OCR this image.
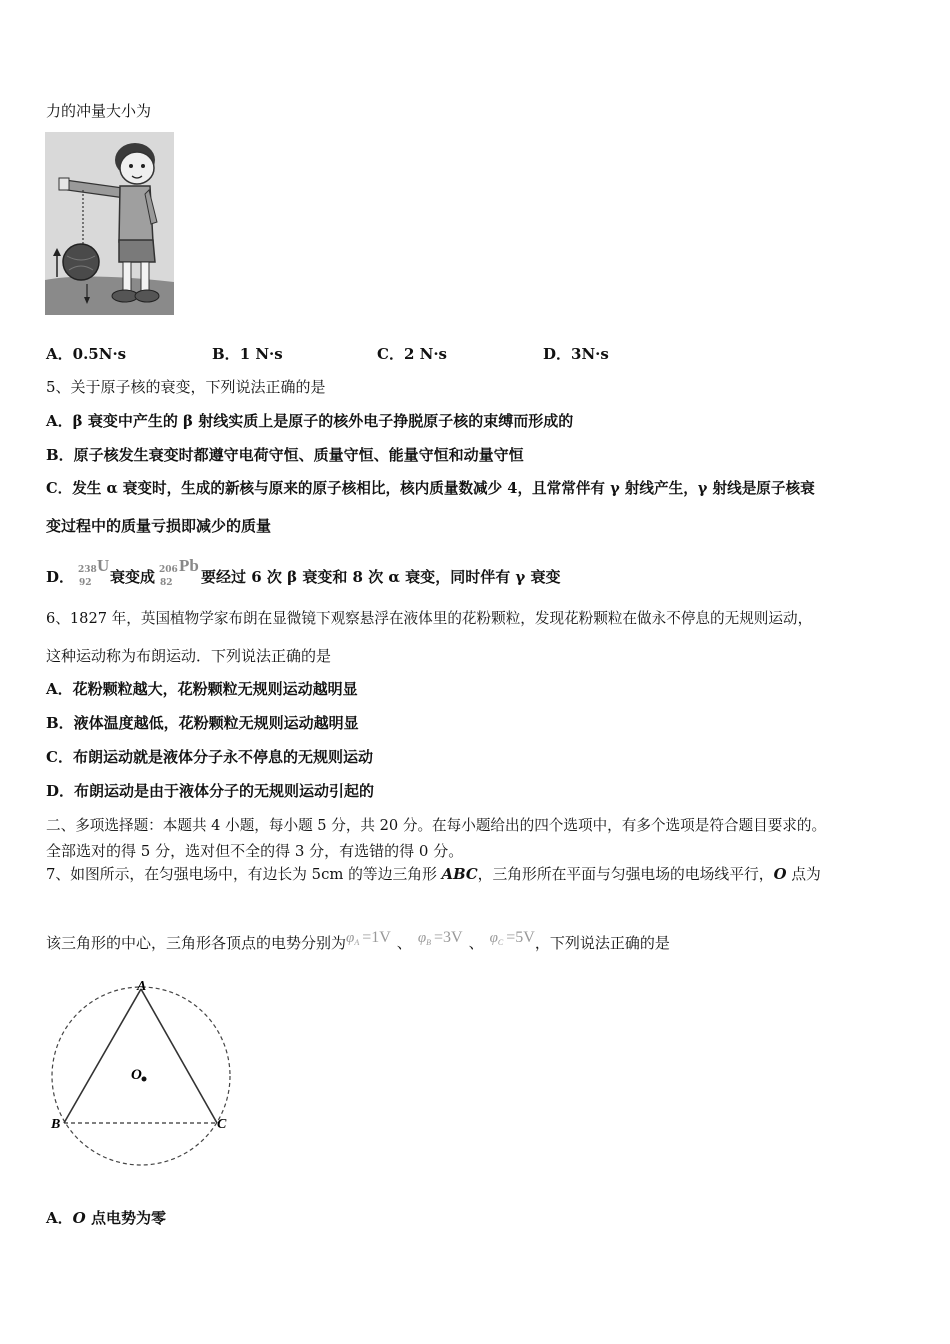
力的冲量大小为
A．0.5N·s	B．1 N·s	C．2 N·s	D．3N·s
5、关于原子核的衰变，下列说法正确的是
A．β 衰变中产生的 β 射线实质上是原子的核外电子挣脱原子核的束缚而形成的
B．原子核发生衰变时都遵守电荷守恒、质量守恒、能量守恒和动量守恒
C．发生 α 衰变时，生成的新核与原来的原子核相比，核内质量数减少 4，且常常伴有 γ 射线产生，γ 射线是原子核衰
变过程中的质量亏损即减少的质量
D． 238
92
U
衰变成 206
82
Pb
要经过 6 次 β 衰变和 8 次 α 衰变，同时伴有 γ 衰变
6、1827 年，英国植物学家布朗在显微镜下观察悬浮在液体里的花粉颗粒，发现花粉颗粒在做永不停息的无规则运动，
这种运动称为布朗运动．下列说法正确的是
A．花粉颗粒越大，花粉颗粒无规则运动越明显
B．液体温度越低，花粉颗粒无规则运动越明显
C．布朗运动就是液体分子永不停息的无规则运动
D．布朗运动是由于液体分子的无规则运动引起的
二、多项选择题：本题共 4 小题，每小题 5 分，共 20 分。在每小题给出的四个选项中，有多个选项是符合题目要求的。
全部选对的得 5 分，选对但不全的得 3 分，有选错的得 0 分。
7、如图所示，在匀强电场中，有边长为 5cm 的等边三角形 ABC，三角形所在平面与匀强电场的电场线平行，O 点为
该三角形的中心，三角形各顶点的电势分别为$\varphi_A =1V$ 、 $\varphi_B =3V$ 、 $\varphi_C =5V$，下列说法正确的是
A
B	C
O
A．O 点电势为零
